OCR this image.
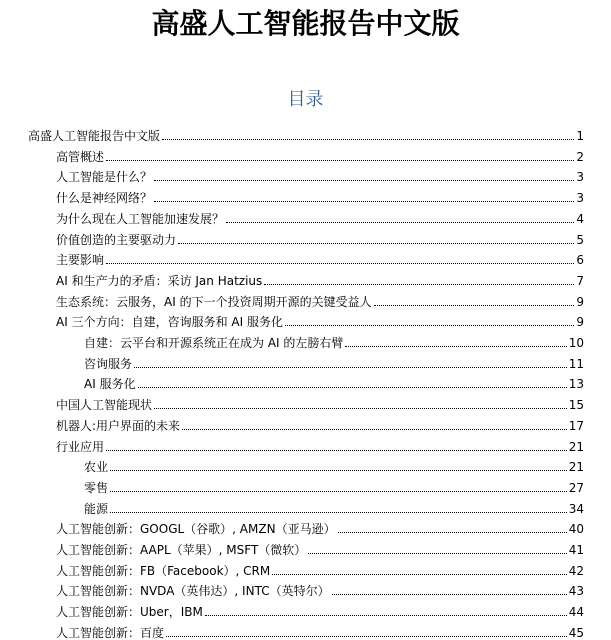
高盛人工智能报告中文版
目录
高盛人工智能报告中文版	1
高管概述	2
人工智能是什么？	3
什么是神经网络？	3
为什么现在人工智能加速发展？	4
价值创造的主要驱动力	5
主要影响	6
AI 和生产力的矛盾：采访 Jan Hatzius	7
生态系统：云服务，AI 的下一个投资周期开源的关键受益人	9
AI 三个方向：自建，咨询服务和 AI 服务化	9
自建：云平台和开源系统正在成为 AI 的左膀右臂	10
咨询服务	11
AI 服务化	13
中国人工智能现状	15
机器人:用户界面的未来	17
行业应用	21
农业	21
零售	27
能源	34
人工智能创新：GOOGL（谷歌）, AMZN（亚马逊）	40
人工智能创新：AAPL（苹果）, MSFT（微软）	41
人工智能创新：FB（Facebook）, CRM	42
人工智能创新：NVDA（英伟达）, INTC（英特尔）	43
人工智能创新：Uber，IBM	44
人工智能创新：百度	45
